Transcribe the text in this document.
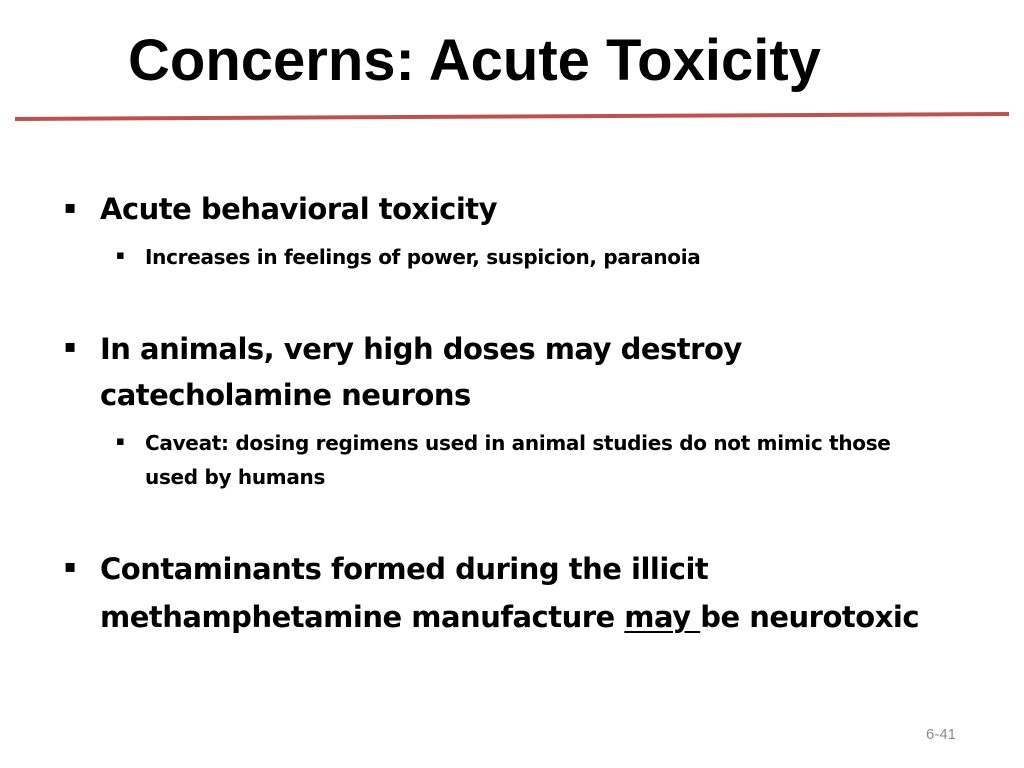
Concerns: Acute Toxicity
▪ Acute behavioral toxicity
▪ Increases in feelings of power, suspicion, paranoia
▪ In animals, very high doses may destroy
catecholamine neurons
▪ Caveat: dosing regimens used in animal studies do not mimic those
used by humans
▪ Contaminants formed during the illicit
methamphetamine manufacture may be neurotoxic
6-41
